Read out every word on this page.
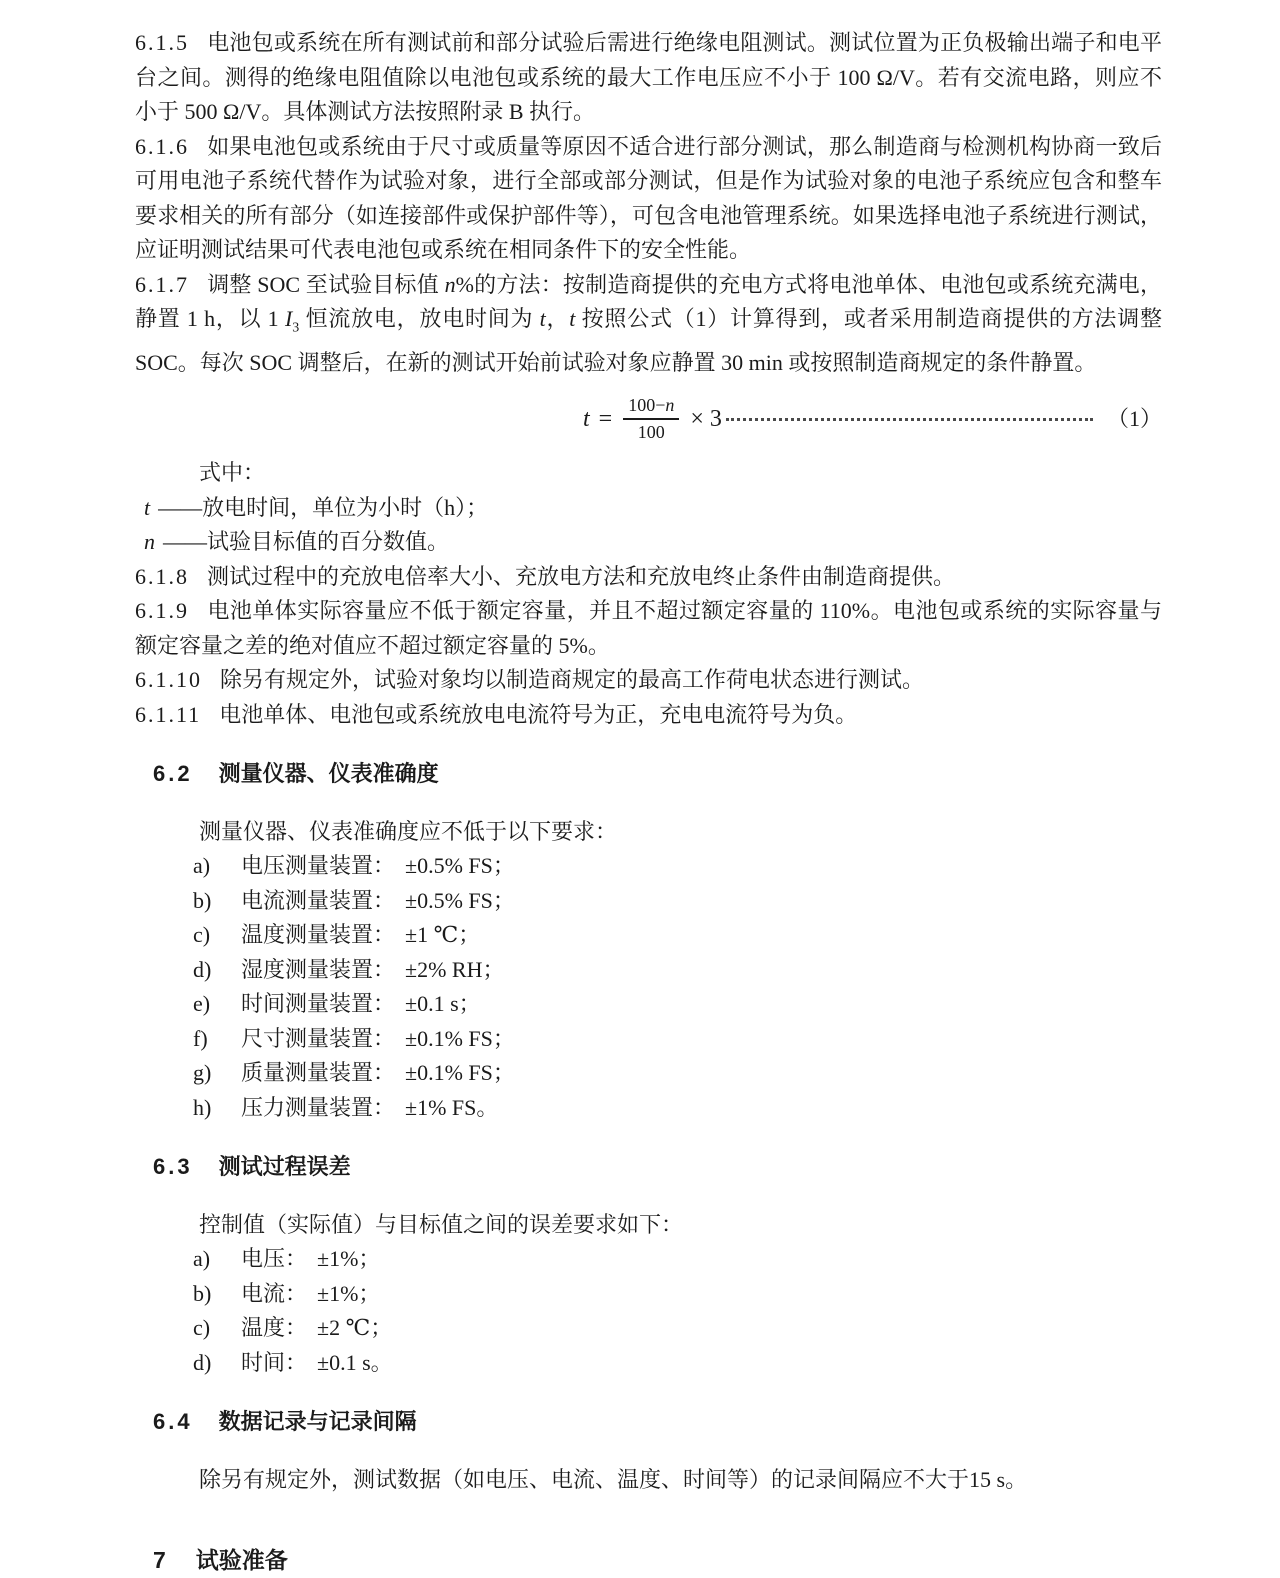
6.1.5 电池包或系统在所有测试前和部分试验后需进行绝缘电阻测试。测试位置为正负极输出端子和电平台之间。测得的绝缘电阻值除以电池包或系统的最大工作电压应不小于 100 Ω/V。若有交流电路，则应不小于 500 Ω/V。具体测试方法按照附录 B 执行。

6.1.6 如果电池包或系统由于尺寸或质量等原因不适合进行部分测试，那么制造商与检测机构协商一致后可用电池子系统代替作为试验对象，进行全部或部分测试，但是作为试验对象的电池子系统应包含和整车要求相关的所有部分（如连接部件或保护部件等），可包含电池管理系统。如果选择电池子系统进行测试，应证明测试结果可代表电池包或系统在相同条件下的安全性能。

6.1.7 调整 SOC 至试验目标值 n%的方法：按制造商提供的充电方式将电池单体、电池包或系统充满电，静置 1 h，以 1 $I_3$ 恒流放电，放电时间为 t，t 按照公式（1）计算得到，或者采用制造商提供的方法调整 SOC。每次 SOC 调整后，在新的测试开始前试验对象应静置 30 min 或按照制造商规定的条件静置。

$t = \frac{100-n}{100} \times 3$	（1）

式中：

t ——放电时间，单位为小时（h）；

n ——试验目标值的百分数值。

6.1.8 测试过程中的充放电倍率大小、充放电方法和充放电终止条件由制造商提供。

6.1.9 电池单体实际容量应不低于额定容量，并且不超过额定容量的 110%。电池包或系统的实际容量与额定容量之差的绝对值应不超过额定容量的 5%。

6.1.10 除另有规定外，试验对象均以制造商规定的最高工作荷电状态进行测试。

6.1.11 电池单体、电池包或系统放电电流符号为正，充电电流符号为负。

6.2 测量仪器、仪表准确度

测量仪器、仪表准确度应不低于以下要求：

a) 电压测量装置： ±0.5% FS；

b) 电流测量装置： ±0.5% FS；

c) 温度测量装置： ±1 ℃；

d) 湿度测量装置： ±2% RH；

e) 时间测量装置： ±0.1 s；

f) 尺寸测量装置： ±0.1% FS；

g) 质量测量装置： ±0.1% FS；

h) 压力测量装置： ±1% FS。

6.3 测试过程误差

控制值（实际值）与目标值之间的误差要求如下：

a) 电压： ±1%；

b) 电流： ±1%；

c) 温度： ±2 ℃；

d) 时间： ±0.1 s。

6.4 数据记录与记录间隔

除另有规定外，测试数据（如电压、电流、温度、时间等）的记录间隔应不大于15 s。

7 试验准备
